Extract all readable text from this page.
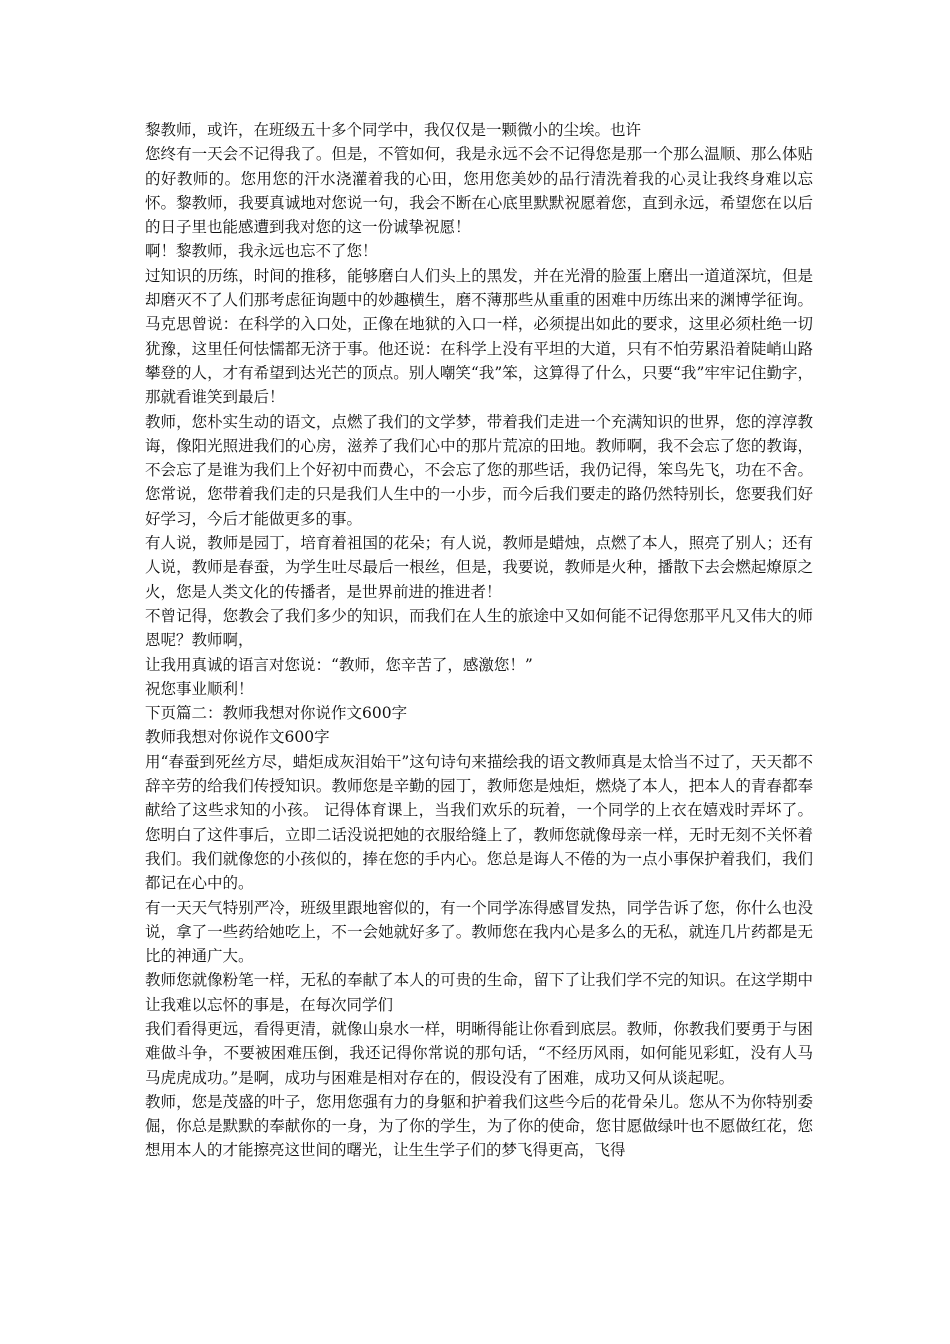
黎教师，或许，在班级五十多个同学中，我仅仅是一颗微小的尘埃。也许

您终有一天会不记得我了。但是，不管如何，我是永远不会不记得您是那一个那么温顺、那么体贴的好教师的。您用您的汗水浇灌着我的心田，您用您美妙的品行清洗着我的心灵让我终身难以忘怀。黎教师，我要真诚地对您说一句，我会不断在心底里默默祝愿着您，直到永远，希望您在以后的日子里也能感遭到我对您的这一份诚挚祝愿！

啊！黎教师，我永远也忘不了您！

过知识的历练，时间的推移，能够磨白人们头上的黑发，并在光滑的脸蛋上磨出一道道深坑，但是却磨灭不了人们那考虑征询题中的妙趣横生，磨不薄那些从重重的困难中历练出来的渊博学征询。马克思曾说：在科学的入口处，正像在地狱的入口一样，必须提出如此的要求，这里必须杜绝一切犹豫，这里任何怯懦都无济于事。他还说：在科学上没有平坦的大道，只有不怕劳累沿着陡峭山路攀登的人，才有希望到达光芒的顶点。别人嘲笑“我”笨，这算得了什么，只要“我”牢牢记住勤字，那就看谁笑到最后！

教师，您朴实生动的语文，点燃了我们的文学梦，带着我们走进一个充满知识的世界，您的淳淳教诲，像阳光照进我们的心房，滋养了我们心中的那片荒凉的田地。教师啊，我不会忘了您的教诲，不会忘了是谁为我们上个好初中而费心，不会忘了您的那些话，我仍记得，笨鸟先飞，功在不舍。您常说，您带着我们走的只是我们人生中的一小步，而今后我们要走的路仍然特别长，您要我们好好学习，今后才能做更多的事。

有人说，教师是园丁，培育着祖国的花朵；有人说，教师是蜡烛，点燃了本人，照亮了别人；还有人说，教师是春蚕，为学生吐尽最后一根丝，但是，我要说，教师是火种，播散下去会燃起燎原之火，您是人类文化的传播者，是世界前进的推进者！

不曾记得，您教会了我们多少的知识，而我们在人生的旅途中又如何能不记得您那平凡又伟大的师恩呢？教师啊，

让我用真诚的语言对您说：“教师，您辛苦了，感激您！”

祝您事业顺利！

下页篇二：教师我想对你说作文600字

教师我想对你说作文600字

用“春蚕到死丝方尽，蜡炬成灰泪始干”这句诗句来描绘我的语文教师真是太恰当不过了，天天都不辞辛劳的给我们传授知识。教师您是辛勤的园丁，教师您是烛炬，燃烧了本人，把本人的青春都奉献给了这些求知的小孩。 记得体育课上，当我们欢乐的玩着，一个同学的上衣在嬉戏时弄坏了。您明白了这件事后，立即二话没说把她的衣服给缝上了，教师您就像母亲一样，无时无刻不关怀着我们。我们就像您的小孩似的，捧在您的手内心。您总是诲人不倦的为一点小事保护着我们，我们都记在心中的。

有一天天气特别严冷，班级里跟地窖似的，有一个同学冻得感冒发热，同学告诉了您，你什么也没说，拿了一些药给她吃上，不一会她就好多了。教师您在我内心是多么的无私，就连几片药都是无比的神通广大。

教师您就像粉笔一样，无私的奉献了本人的可贵的生命，留下了让我们学不完的知识。在这学期中让我难以忘怀的事是，在每次同学们

我们看得更远，看得更清，就像山泉水一样，明晰得能让你看到底层。教师，你教我们要勇于与困难做斗争，不要被困难压倒，我还记得你常说的那句话，“不经历风雨，如何能见彩虹，没有人马马虎虎成功。”是啊，成功与困难是相对存在的，假设没有了困难，成功又何从谈起呢。

教师，您是茂盛的叶子，您用您强有力的身躯和护着我们这些今后的花骨朵儿。您从不为你特别委倔，你总是默默的奉献你的一身，为了你的学生，为了你的使命，您甘愿做绿叶也不愿做红花，您想用本人的才能擦亮这世间的曙光，让生生学子们的梦飞得更高，飞得
